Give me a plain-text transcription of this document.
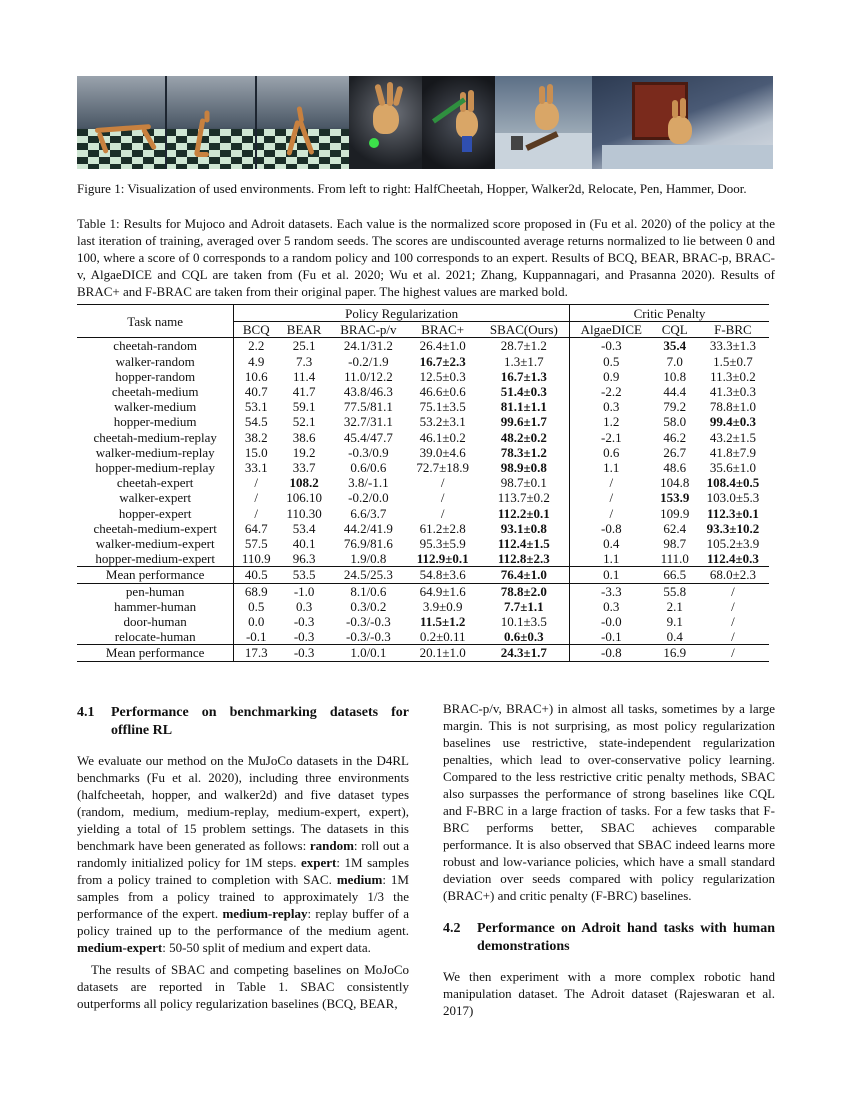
Figure 1: Visualization of used environments. From left to right: HalfCheetah, Hopper, Walker2d, Relocate, Pen, Hammer, Door.
Table 1: Results for Mujoco and Adroit datasets. Each value is the normalized score proposed in (Fu et al. 2020) of the policy at the last iteration of training, averaged over 5 random seeds. The scores are undiscounted average returns normalized to lie between 0 and 100, where a score of 0 corresponds to a random policy and 100 corresponds to an expert. Results of BCQ, BEAR, BRAC-p, BRAC-v, AlgaeDICE and CQL are taken from (Fu et al. 2020; Wu et al. 2021; Zhang, Kuppannagari, and Prasanna 2020). Results of BRAC+ and F-BRAC are taken from their original paper. The highest values are marked bold.
Task name	Policy Regularization					Critic Penalty		
	BCQ	BEAR	BRAC-p/v	BRAC+	SBAC(Ours)	AlgaeDICE	CQL	F-BRC
cheetah-random	2.2	25.1	24.1/31.2	26.4±1.0	28.7±1.2	-0.3	35.4	33.3±1.3
walker-random	4.9	7.3	-0.2/1.9	16.7±2.3	1.3±1.7	0.5	7.0	1.5±0.7
hopper-random	10.6	11.4	11.0/12.2	12.5±0.3	16.7±1.3	0.9	10.8	11.3±0.2
cheetah-medium	40.7	41.7	43.8/46.3	46.6±0.6	51.4±0.3	-2.2	44.4	41.3±0.3
walker-medium	53.1	59.1	77.5/81.1	75.1±3.5	81.1±1.1	0.3	79.2	78.8±1.0
hopper-medium	54.5	52.1	32.7/31.1	53.2±3.1	99.6±1.7	1.2	58.0	99.4±0.3
cheetah-medium-replay	38.2	38.6	45.4/47.7	46.1±0.2	48.2±0.2	-2.1	46.2	43.2±1.5
walker-medium-replay	15.0	19.2	-0.3/0.9	39.0±4.6	78.3±1.2	0.6	26.7	41.8±7.9
hopper-medium-replay	33.1	33.7	0.6/0.6	72.7±18.9	98.9±0.8	1.1	48.6	35.6±1.0
cheetah-expert	/	108.2	3.8/-1.1	/	98.7±0.1	/	104.8	108.4±0.5
walker-expert	/	106.10	-0.2/0.0	/	113.7±0.2	/	153.9	103.0±5.3
hopper-expert	/	110.30	6.6/3.7	/	112.2±0.1	/	109.9	112.3±0.1
cheetah-medium-expert	64.7	53.4	44.2/41.9	61.2±2.8	93.1±0.8	-0.8	62.4	93.3±10.2
walker-medium-expert	57.5	40.1	76.9/81.6	95.3±5.9	112.4±1.5	0.4	98.7	105.2±3.9
hopper-medium-expert	110.9	96.3	1.9/0.8	112.9±0.1	112.8±2.3	1.1	111.0	112.4±0.3
Mean performance	40.5	53.5	24.5/25.3	54.8±3.6	76.4±1.0	0.1	66.5	68.0±2.3
pen-human	68.9	-1.0	8.1/0.6	64.9±1.6	78.8±2.0	-3.3	55.8	/
hammer-human	0.5	0.3	0.3/0.2	3.9±0.9	7.7±1.1	0.3	2.1	/
door-human	0.0	-0.3	-0.3/-0.3	11.5±1.2	10.1±3.5	-0.0	9.1	/
relocate-human	-0.1	-0.3	-0.3/-0.3	0.2±0.11	0.6±0.3	-0.1	0.4	/
Mean performance	17.3	-0.3	1.0/0.1	20.1±1.0	24.3±1.7	-0.8	16.9	/
4.1	Performance on benchmarking datasets for offline RL

We evaluate our method on the MuJoCo datasets in the D4RL benchmarks (Fu et al. 2020), including three environments (halfcheetah, hopper, and walker2d) and five dataset types (random, medium, medium-replay, medium-expert, expert), yielding a total of 15 problem settings. The datasets in this benchmark have been generated as follows: random: roll out a randomly initialized policy for 1M steps. expert: 1M samples from a policy trained to completion with SAC. medium: 1M samples from a policy trained to approximately 1/3 the performance of the expert. medium-replay: replay buffer of a policy trained up to the performance of the medium agent. medium-expert: 50-50 split of medium and expert data.

The results of SBAC and competing baselines on MoJoCo datasets are reported in Table 1. SBAC consistently outperforms all policy regularization baselines (BCQ, BEAR,

BRAC-p/v, BRAC+) in almost all tasks, sometimes by a large margin. This is not surprising, as most policy regularization baselines use restrictive, state-independent regularization penalties, which lead to over-conservative policy learning. Compared to the less restrictive critic penalty methods, SBAC also surpasses the performance of strong baselines like CQL and F-BRC in a large fraction of tasks. For a few tasks that F-BRC performs better, SBAC achieves comparable performance. It is also observed that SBAC indeed learns more robust and low-variance policies, which have a small standard deviation over seeds compared with policy regularization (BRAC+) and critic penalty (F-BRC) baselines.

4.2	Performance on Adroit hand tasks with human demonstrations

We then experiment with a more complex robotic hand manipulation dataset. The Adroit dataset (Rajeswaran et al. 2017)
